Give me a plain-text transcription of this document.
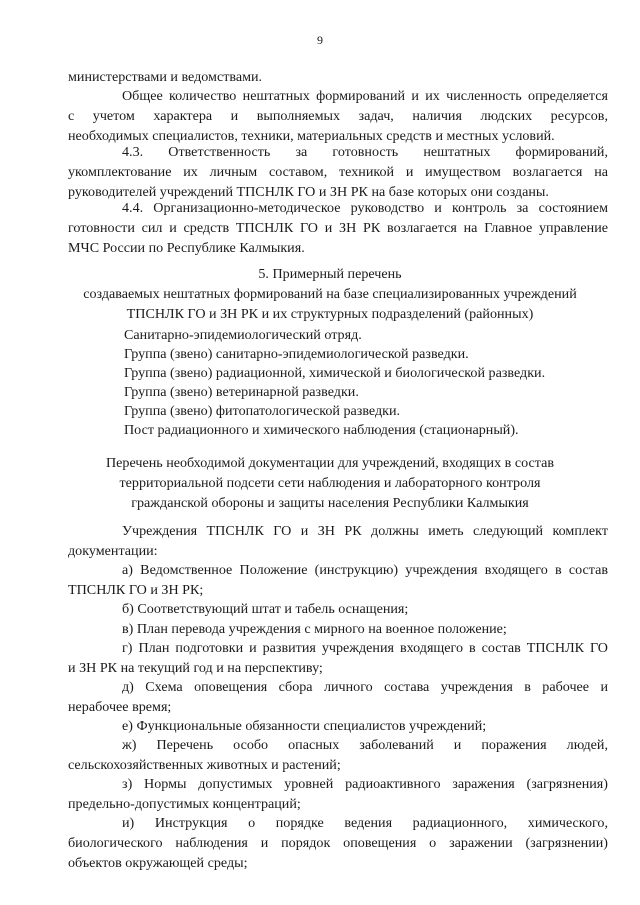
9

министерствами и ведомствами.

Общее количество нештатных формирований и их численность определяется
с учетом характера и выполняемых задач, наличия людских ресурсов,
необходимых специалистов, техники, материальных средств и местных условий.

4.3. Ответственность за готовность нештатных формирований,
укомплектование их личным составом, техникой и имуществом возлагается на
руководителей учреждений ТПСНЛК ГО и ЗН РК на базе которых они созданы.

4.4. Организационно-методическое руководство и контроль за состоянием
готовности сил и средств ТПСНЛК ГО и ЗН РК возлагается на Главное управление
МЧС России по Республике Калмыкия.

5. Примерный перечень
создаваемых нештатных формирований на базе специализированных учреждений
ТПСНЛК ГО и ЗН РК и их структурных подразделений (районных)

Санитарно-эпидемиологический отряд.

Группа (звено) санитарно-эпидемиологической разведки.

Группа (звено) радиационной, химической и биологической разведки.

Группа (звено) ветеринарной разведки.

Группа (звено) фитопатологической разведки.

Пост радиационного и химического наблюдения (стационарный).

Перечень необходимой документации для учреждений, входящих в состав
территориальной подсети сети наблюдения и лабораторного контроля
гражданской обороны и защиты населения Республики Калмыкия

Учреждения ТПСНЛК ГО и ЗН РК должны иметь следующий комплект
документации:

а) Ведомственное Положение (инструкцию) учреждения входящего в состав
ТПСНЛК ГО и ЗН РК;

б) Соответствующий штат и табель оснащения;

в) План перевода учреждения с мирного на военное положение;

г) План подготовки и развития учреждения входящего в состав ТПСНЛК ГО
и ЗН РК на текущий год и на перспективу;

д) Схема оповещения сбора личного состава учреждения в рабочее и
нерабочее время;

е) Функциональные обязанности специалистов учреждений;

ж) Перечень особо опасных заболеваний и поражения людей,
сельскохозяйственных животных и растений;

з) Нормы допустимых уровней радиоактивного заражения (загрязнения)
предельно-допустимых концентраций;

и) Инструкция о порядке ведения радиационного, химического,
биологического наблюдения и порядок оповещения о заражении (загрязнении)
объектов окружающей среды;
